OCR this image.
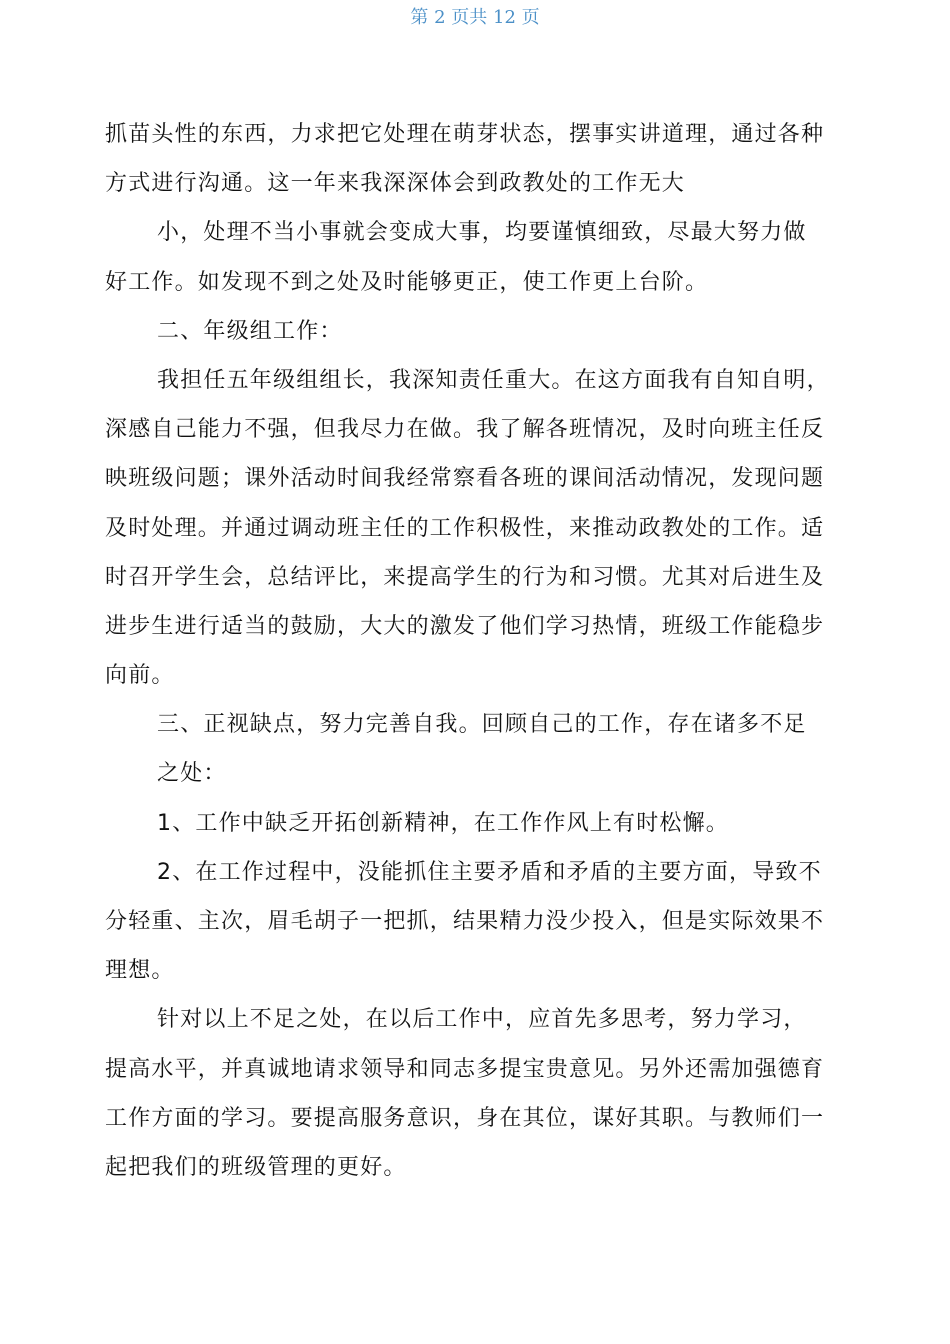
第 2 页共 12 页
抓苗头性的东西，力求把它处理在萌芽状态，摆事实讲道理，通过各种
方式进行沟通。这一年来我深深体会到政教处的工作无大
小，处理不当小事就会变成大事，均要谨慎细致，尽最大努力做
好工作。如发现不到之处及时能够更正，使工作更上台阶。
二、年级组工作：
我担任五年级组组长，我深知责任重大。在这方面我有自知自明，
深感自己能力不强，但我尽力在做。我了解各班情况，及时向班主任反
映班级问题；课外活动时间我经常察看各班的课间活动情况，发现问题
及时处理。并通过调动班主任的工作积极性，来推动政教处的工作。适
时召开学生会，总结评比，来提高学生的行为和习惯。尤其对后进生及
进步生进行适当的鼓励，大大的激发了他们学习热情，班级工作能稳步
向前。
三、正视缺点，努力完善自我。回顾自己的工作，存在诸多不足
之处：
1、工作中缺乏开拓创新精神，在工作作风上有时松懈。
2、在工作过程中，没能抓住主要矛盾和矛盾的主要方面，导致不
分轻重、主次，眉毛胡子一把抓，结果精力没少投入，但是实际效果不
理想。
针对以上不足之处，在以后工作中，应首先多思考，努力学习，
提高水平，并真诚地请求领导和同志多提宝贵意见。另外还需加强德育
工作方面的学习。要提高服务意识，身在其位，谋好其职。与教师们一
起把我们的班级管理的更好。
